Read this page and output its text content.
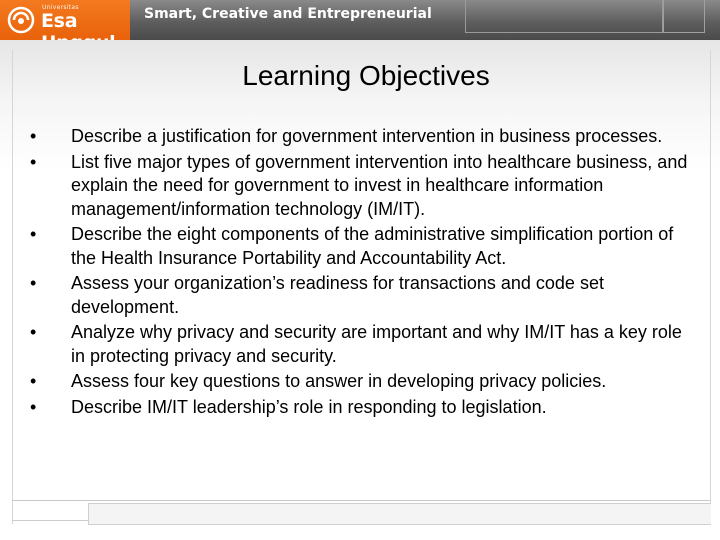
Universitas
Esa	Smart, Creative and Entrepreneurial
Learning Objectives
•	Describe a justification for government intervention in business processes.
•	List five major types of government intervention into healthcare business, and explain the need for government to invest in healthcare information management/information technology (IM/IT).
•	Describe the eight components of the administrative simplification portion of the Health Insurance Portability and Accountability Act.
•	Assess your organization’s readiness for transactions and code set development.
•	Analyze why privacy and security are important and why IM/IT has a key role in protecting privacy and security.
•	Assess four key questions to answer in developing privacy policies.
•	Describe IM/IT leadership’s role in responding to legislation.
